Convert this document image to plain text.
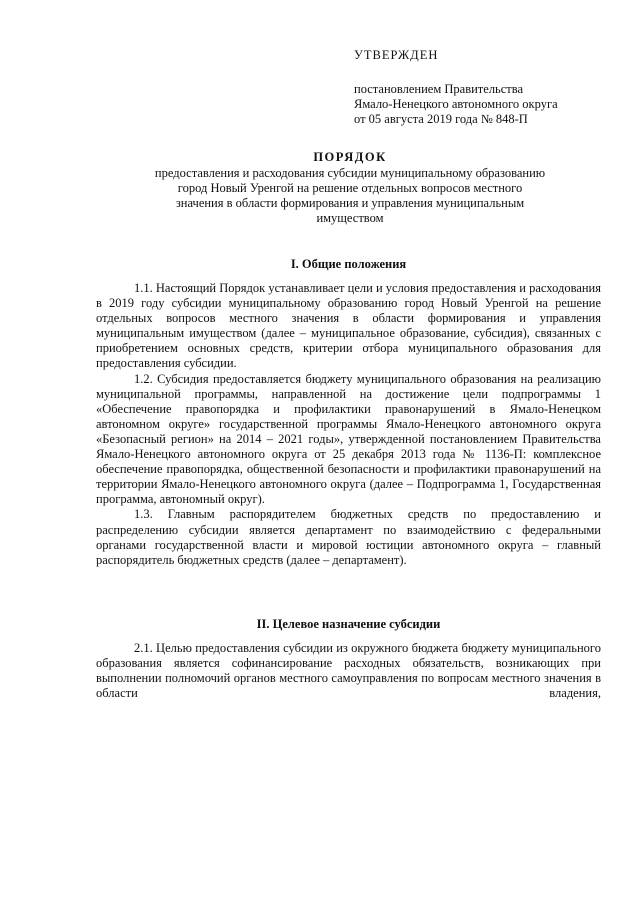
УТВЕРЖДЕН
постановлением Правительства
Ямало-Ненецкого автономного округа
от 05 августа 2019 года № 848-П
ПОРЯДОК
предоставления и расходования субсидии муниципальному образованию
город Новый Уренгой на решение отдельных вопросов местного
значения в области формирования и управления муниципальным
имуществом
I. Общие положения

1.1. Настоящий Порядок устанавливает цели и условия предоставления и расходования в 2019 году субсидии муниципальному образованию город Новый Уренгой на решение отдельных вопросов местного значения в области формирования и управления муниципальным имуществом (далее – муниципальное образование, субсидия), связанных с приобретением основных средств, критерии отбора муниципального образования для предоставления субсидии.

1.2. Субсидия предоставляется бюджету муниципального образования на реализацию муниципальной программы, направленной на достижение цели подпрограммы 1 «Обеспечение правопорядка и профилактики правонарушений в Ямало-Ненецком автономном округе» государственной программы Ямало-Ненецкого автономного округа «Безопасный регион» на 2014 – 2021 годы», утвержденной постановлением Правительства Ямало-Ненецкого автономного округа от 25 декабря 2013 года № 1136-П: комплексное обеспечение правопорядка, общественной безопасности и профилактики правонарушений на территории Ямало-Ненецкого автономного округа (далее – Подпрограмма 1, Государственная программа, автономный округ).

1.3. Главным распорядителем бюджетных средств по предоставлению и распределению субсидии является департамент по взаимодействию с федеральными органами государственной власти и мировой юстиции автономного округа – главный распорядитель бюджетных средств (далее – департамент).

II. Целевое назначение субсидии

2.1. Целью предоставления субсидии из окружного бюджета бюджету муниципального образования является софинансирование расходных обязательств, возникающих при выполнении полномочий органов местного самоуправления по вопросам местного значения в области владения,
